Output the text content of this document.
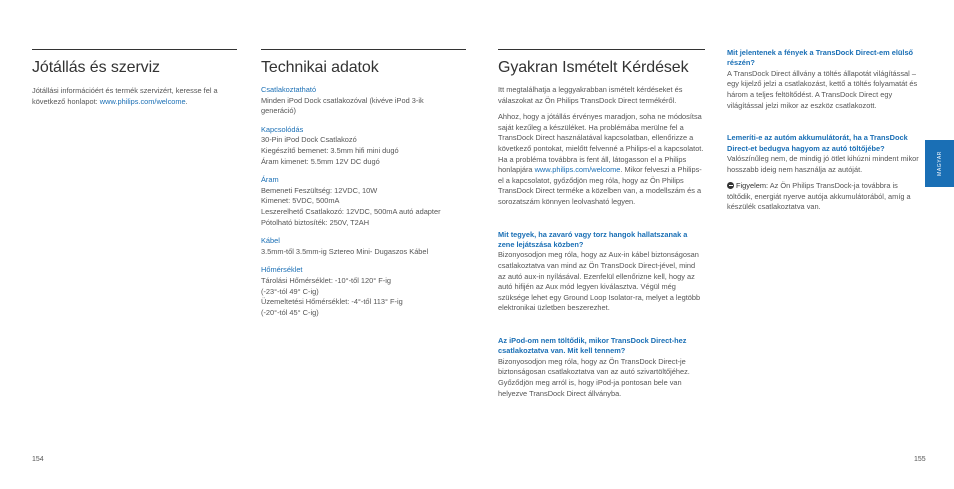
Jótállás és szerviz

Jótállási információért és termék szervizért, keresse fel a következő honlapot: www.philips.com/welcome.

Technikai adatok

Csatlakoztatható

Minden iPod Dock csatlakozóval (kivéve iPod 3-ik

generáció)

Kapcsolódás

30-Pin iPod Dock Csatlakozó

Kiegészítő bemenet: 3.5mm hifi mini dugó

Áram kimenet: 5.5mm 12V DC dugó

Áram

Bemeneti Feszültség: 12VDC, 10W

Kimenet: 5VDC, 500mA

Leszerelhető Csatlakozó: 12VDC, 500mA autó adapter

Pótolható biztosíték: 250V, T2AH

Kábel

3.5mm-től 3.5mm-ig Sztereo Mini- Dugaszos Kábel

Hőmérséklet

Tárolási Hőmérséklet: -10°-től 120° F-ig

(-23°-tól 49° C-ig)

Üzemeltetési Hőmérséklet: -4°-től 113° F-ig

(-20°-tól 45° C-ig)

Gyakran Ismételt Kérdések

Itt megtalálhatja a leggyakrabban ismételt kérdéseket és válaszokat az Ön Philips TransDock Direct termékéről.

Ahhoz, hogy a jótállás érvényes maradjon, soha ne módosítsa saját kezűleg a készüléket. Ha problémába merülne fel a TransDock Direct használatával kapcsolatban, ellenőrizze a következő pontokat, mielőtt felvenné a Philips-el a kapcsolatot. Ha a probléma továbbra is fent áll, látogasson el a Philips honlapjára www.philips.com/welcome. Mikor felveszi a Philips-el a kapcsolatot, győződjön meg róla, hogy az Ön Philips TransDock Direct terméke a közelben van, a modellszám és a sorozatszám könnyen leolvasható legyen.

Mit tegyek, ha zavaró vagy torz hangok hallatszanak a zene lejátszása közben?

Bizonyosodjon meg róla, hogy az Aux-in kábel biztonságosan csatlakoztatva van mind az Ön TransDock Direct-jével, mind az autó aux-in nyílásával. Ezenfelül ellenőrizne kell, hogy az autó hifijén az Aux mód legyen kiválasztva. Végül még szüksége lehet egy Ground Loop Isolator-ra, melyet a legtöbb elektronikai üzletben beszerezhet.

Az iPod-om nem töltődik, mikor TransDock Direct-hez csatlakoztatva van. Mit kell tennem?

Bizonyosodjon meg róla, hogy az Ön TransDock Direct-je biztonságosan csatlakoztatva van az autó szivartöltőjéhez. Győződjön meg arról is, hogy iPod-ja pontosan bele van helyezve TransDock Direct állványba.

Mit jelentenek a fények a TransDock Direct-em elülső részén?

A TransDock Direct állvány a töltés állapotát világítással – egy kijelző jelzi a csatlakozást, kettő a töltés folyamatát és három a teljes feltöltődést. A TransDock Direct egy világítással jelzi mikor az eszköz csatlakozott.

Lemeríti-e az autóm akkumulátorát, ha a TransDock Direct-et bedugva hagyom az autó töltőjébe?

Valószínűleg nem, de mindig jó ötlet kihúzni mindent mikor hosszabb ideig nem használja az autóját.

Figyelem: Az Ön Philips TransDock-ja továbbra is töltődik, energiát nyerve autója akkumulátorából, amíg a készülék csatlakoztatva van.

MAGYAR
154	155
